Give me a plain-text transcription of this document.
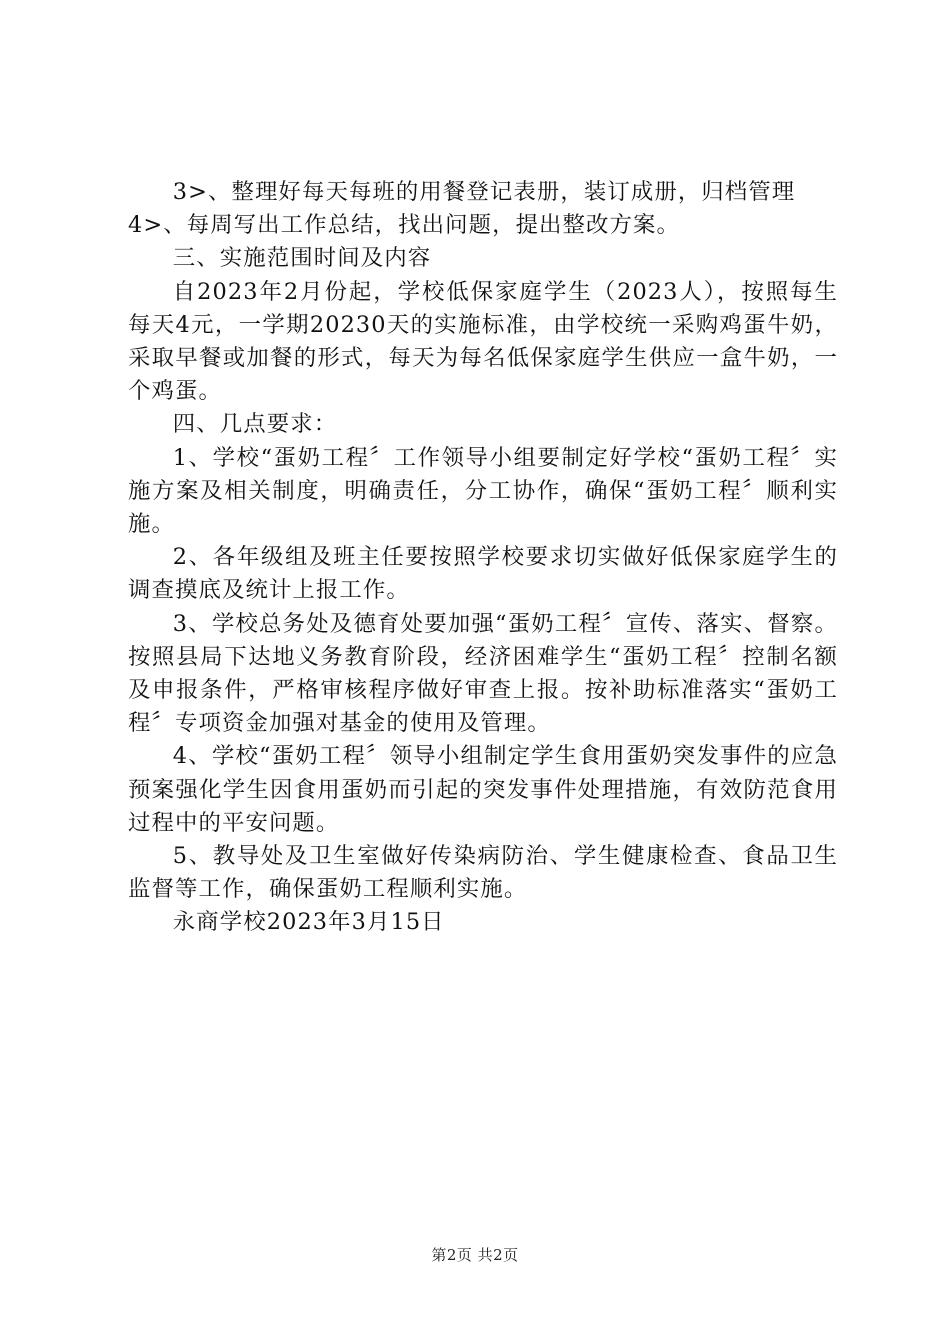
3>、整理好每天每班的用餐登记表册，装订成册，归档管理

4>、每周写出工作总结，找出问题，提出整改方案。

三、实施范围时间及内容

自2023年2月份起，学校低保家庭学生（2023人），按照每生每天4元，一学期20230天的实施标准，由学校统一采购鸡蛋牛奶，采取早餐或加餐的形式，每天为每名低保家庭学生供应一盒牛奶，一个鸡蛋。

四、几点要求：

1、学校“蛋奶工程〞工作领导小组要制定好学校“蛋奶工程〞实施方案及相关制度，明确责任，分工协作，确保“蛋奶工程〞顺利实施。

2、各年级组及班主任要按照学校要求切实做好低保家庭学生的调查摸底及统计上报工作。

3、学校总务处及德育处要加强“蛋奶工程〞宣传、落实、督察。按照县局下达地义务教育阶段，经济困难学生“蛋奶工程〞控制名额及申报条件，严格审核程序做好审查上报。按补助标准落实“蛋奶工程〞专项资金加强对基金的使用及管理。

4、学校“蛋奶工程〞领导小组制定学生食用蛋奶突发事件的应急预案强化学生因食用蛋奶而引起的突发事件处理措施，有效防范食用过程中的平安问题。

5、教导处及卫生室做好传染病防治、学生健康检查、食品卫生监督等工作，确保蛋奶工程顺利实施。

永商学校2023年3月15日

第2页 共2页
